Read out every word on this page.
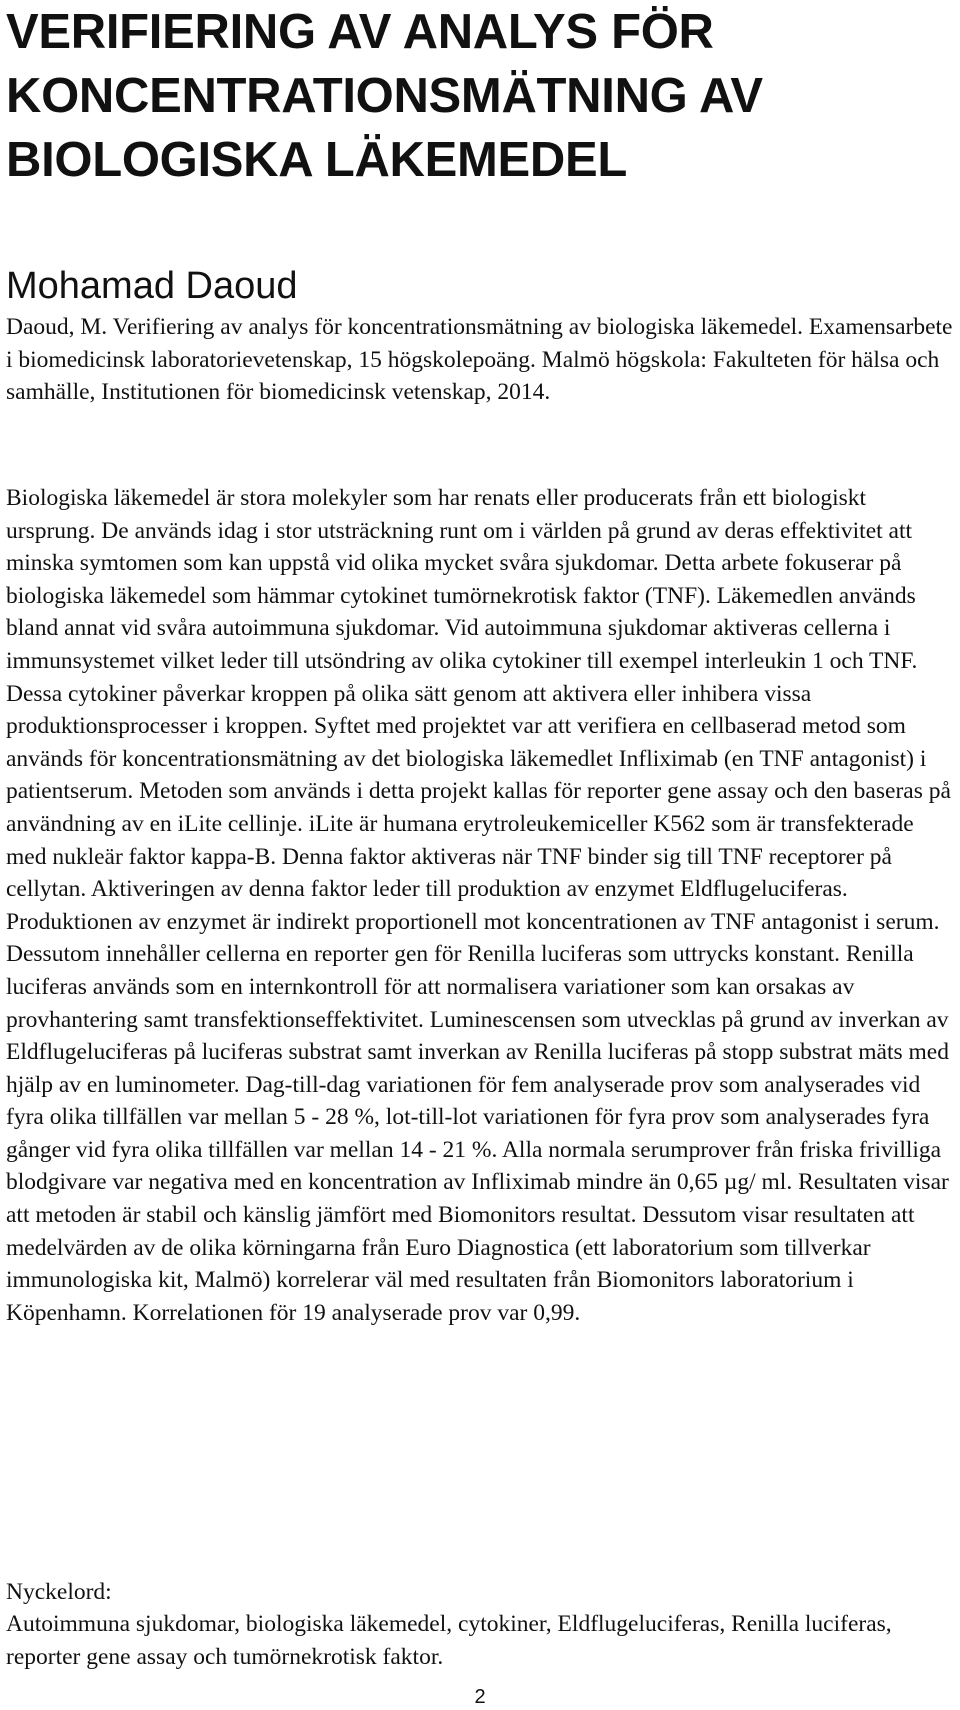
VERIFIERING AV ANALYS FÖR KONCENTRATIONSMÄTNING AV BIOLOGISKA LÄKEMEDEL
Mohamad Daoud

Daoud, M. Verifiering av analys för koncentrationsmätning av biologiska läkemedel. Examensarbete i biomedicinsk laboratorievetenskap, 15 högskolepoäng. Malmö högskola: Fakulteten för hälsa och samhälle, Institutionen för biomedicinsk vetenskap, 2014.

Biologiska läkemedel är stora molekyler som har renats eller producerats från ett biologiskt ursprung. De används idag i stor utsträckning runt om i världen på grund av deras effektivitet att minska symtomen som kan uppstå vid olika mycket svåra sjukdomar. Detta arbete fokuserar på biologiska läkemedel som hämmar cytokinet tumörnekrotisk faktor (TNF). Läkemedlen används bland annat vid svåra autoimmuna sjukdomar. Vid autoimmuna sjukdomar aktiveras cellerna i immunsystemet vilket leder till utsöndring av olika cytokiner till exempel interleukin 1 och TNF. Dessa cytokiner påverkar kroppen på olika sätt genom att aktivera eller inhibera vissa produktionsprocesser i kroppen. Syftet med projektet var att verifiera en cellbaserad metod som används för koncentrationsmätning av det biologiska läkemedlet Infliximab (en TNF antagonist) i patientserum. Metoden som används i detta projekt kallas för reporter gene assay och den baseras på användning av en iLite cellinje. iLite är humana erytroleukemiceller K562 som är transfekterade med nukleär faktor kappa-B. Denna faktor aktiveras när TNF binder sig till TNF receptorer på cellytan. Aktiveringen av denna faktor leder till produktion av enzymet Eldflugeluciferas. Produktionen av enzymet är indirekt proportionell mot koncentrationen av TNF antagonist i serum. Dessutom innehåller cellerna en reporter gen för Renilla luciferas som uttrycks konstant. Renilla luciferas används som en internkontroll för att normalisera variationer som kan orsakas av provhantering samt transfektionseffektivitet. Luminescensen som utvecklas på grund av inverkan av Eldflugeluciferas på luciferas substrat samt inverkan av Renilla luciferas på stopp substrat mäts med hjälp av en luminometer. Dag-till-dag variationen för fem analyserade prov som analyserades vid fyra olika tillfällen var mellan 5 - 28 %, lot-till-lot variationen för fyra prov som analyserades fyra gånger vid fyra olika tillfällen var mellan 14 - 21 %. Alla normala serumprover från friska frivilliga blodgivare var negativa med en koncentration av Infliximab mindre än 0,65 µg/ ml. Resultaten visar att metoden är stabil och känslig jämfört med Biomonitors resultat. Dessutom visar resultaten att medelvärden av de olika körningarna från Euro Diagnostica (ett laboratorium som tillverkar immunologiska kit, Malmö) korrelerar väl med resultaten från Biomonitors laboratorium i Köpenhamn. Korrelationen för 19 analyserade prov var 0,99.

Nyckelord:

Autoimmuna sjukdomar, biologiska läkemedel, cytokiner, Eldflugeluciferas, Renilla luciferas, reporter gene assay och tumörnekrotisk faktor.

2
